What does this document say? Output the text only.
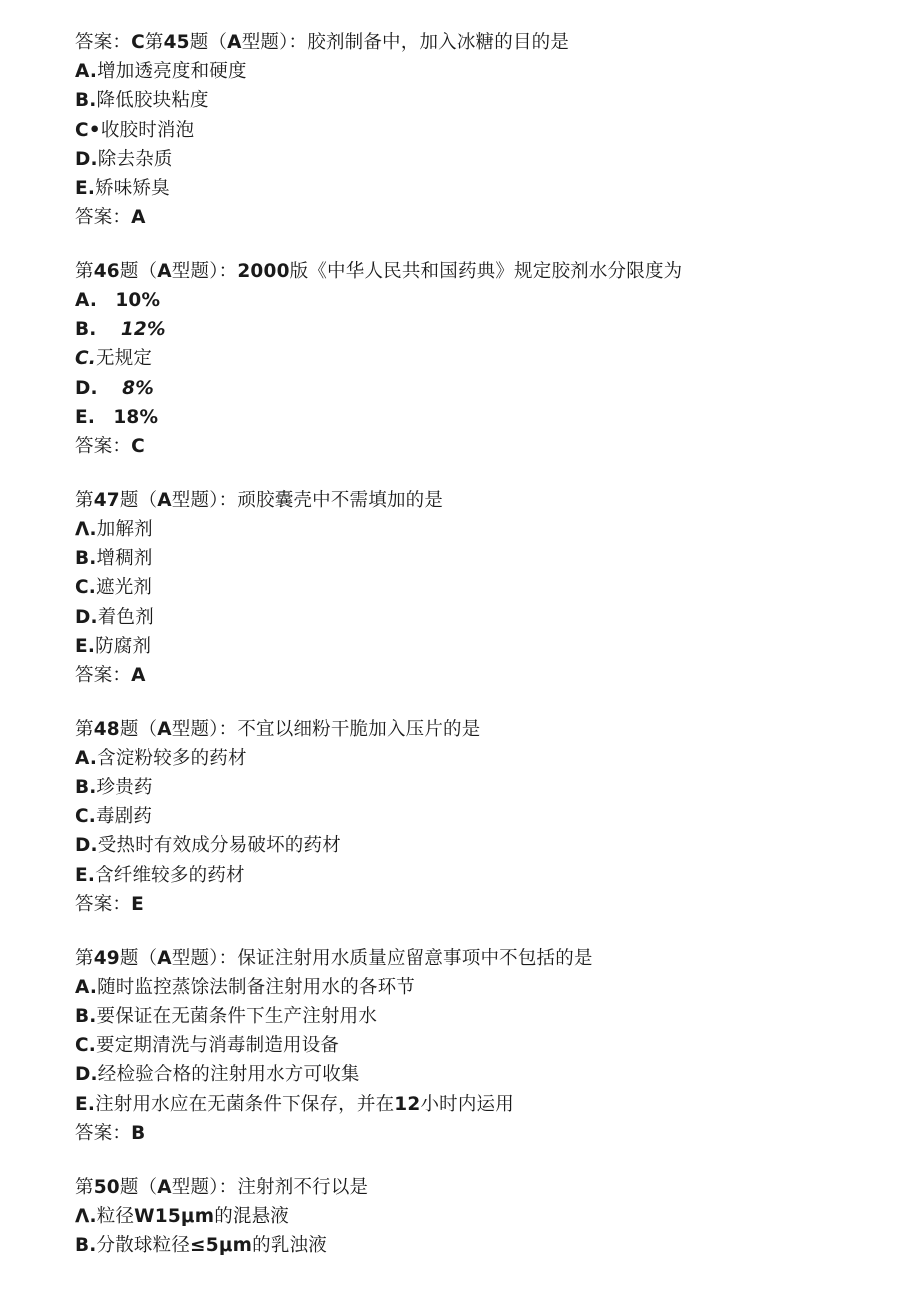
答案：C第45题（A型题）：胶剂制备中，加入冰糖的目的是
A.增加透亮度和硬度
B.降低胶块粘度
C•收胶时消泡
D.除去杂质
E.矫味矫臭
答案：A
第46题（A型题）：2000版《中华人民共和国药典》规定胶剂水分限度为
A. 10%
B. 12%
C.无规定
D. 8%
E. 18%
答案：C
第47题（A型题）：顽胶囊壳中不需填加的是
Λ.加解剂
B.增稠剂
C.遮光剂
D.着色剂
E.防腐剂
答案：A
第48题（A型题）：不宜以细粉干脆加入压片的是
A.含淀粉较多的药材
B.珍贵药
C.毒剧药
D.受热时有效成分易破坏的药材
E.含纤维较多的药材
答案：E
第49题（A型题）：保证注射用水质量应留意事项中不包括的是
A.随时监控蒸馀法制备注射用水的各环节
B.要保证在无菌条件下生产注射用水
C.要定期清洗与消毒制造用设备
D.经检验合格的注射用水方可收集
E.注射用水应在无菌条件下保存，并在12小时内运用
答案：B
第50题（A型题）：注射剂不行以是
Λ.粒径W15μm的混悬液
B.分散球粒径≤5μm的乳浊液
